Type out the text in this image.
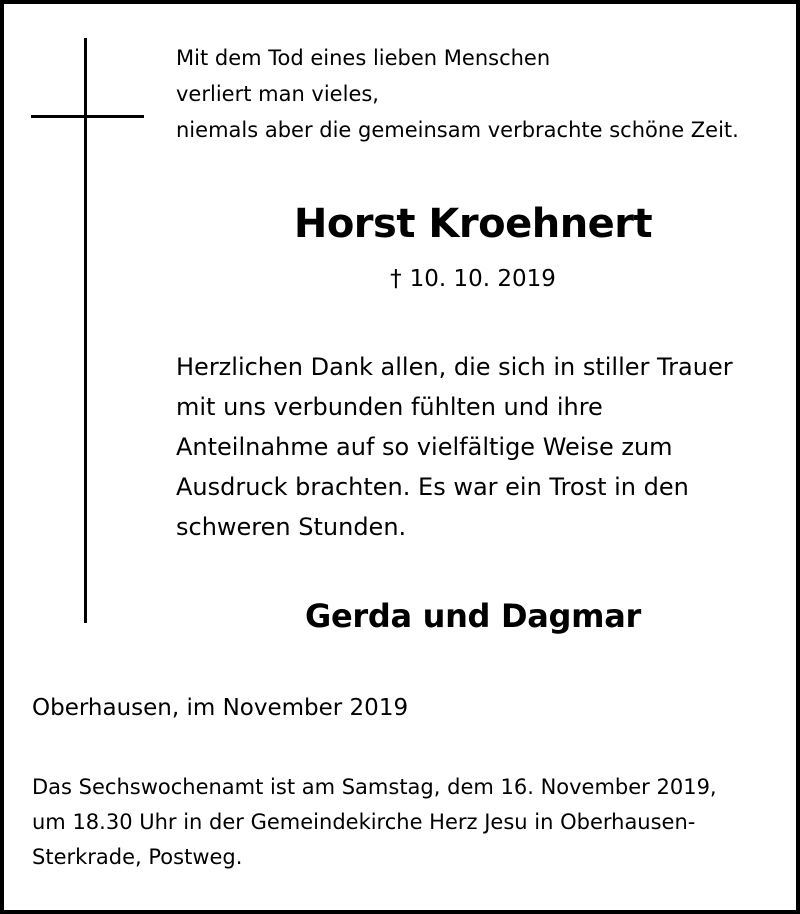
Mit dem Tod eines lieben Menschen
verliert man vieles,
niemals aber die gemeinsam verbrachte schöne Zeit.

Horst Kroehnert

† 10. 10. 2019

Herzlichen Dank allen, die sich in stiller Trauer
mit uns verbunden fühlten und ihre
Anteilnahme auf so vielfältige Weise zum
Ausdruck brachten. Es war ein Trost in den
schweren Stunden.

Gerda und Dagmar

Oberhausen, im November 2019

Das Sechswochenamt ist am Samstag, dem 16. November 2019,
um 18.30 Uhr in der Gemeindekirche Herz Jesu in Oberhausen-
Sterkrade, Postweg.
